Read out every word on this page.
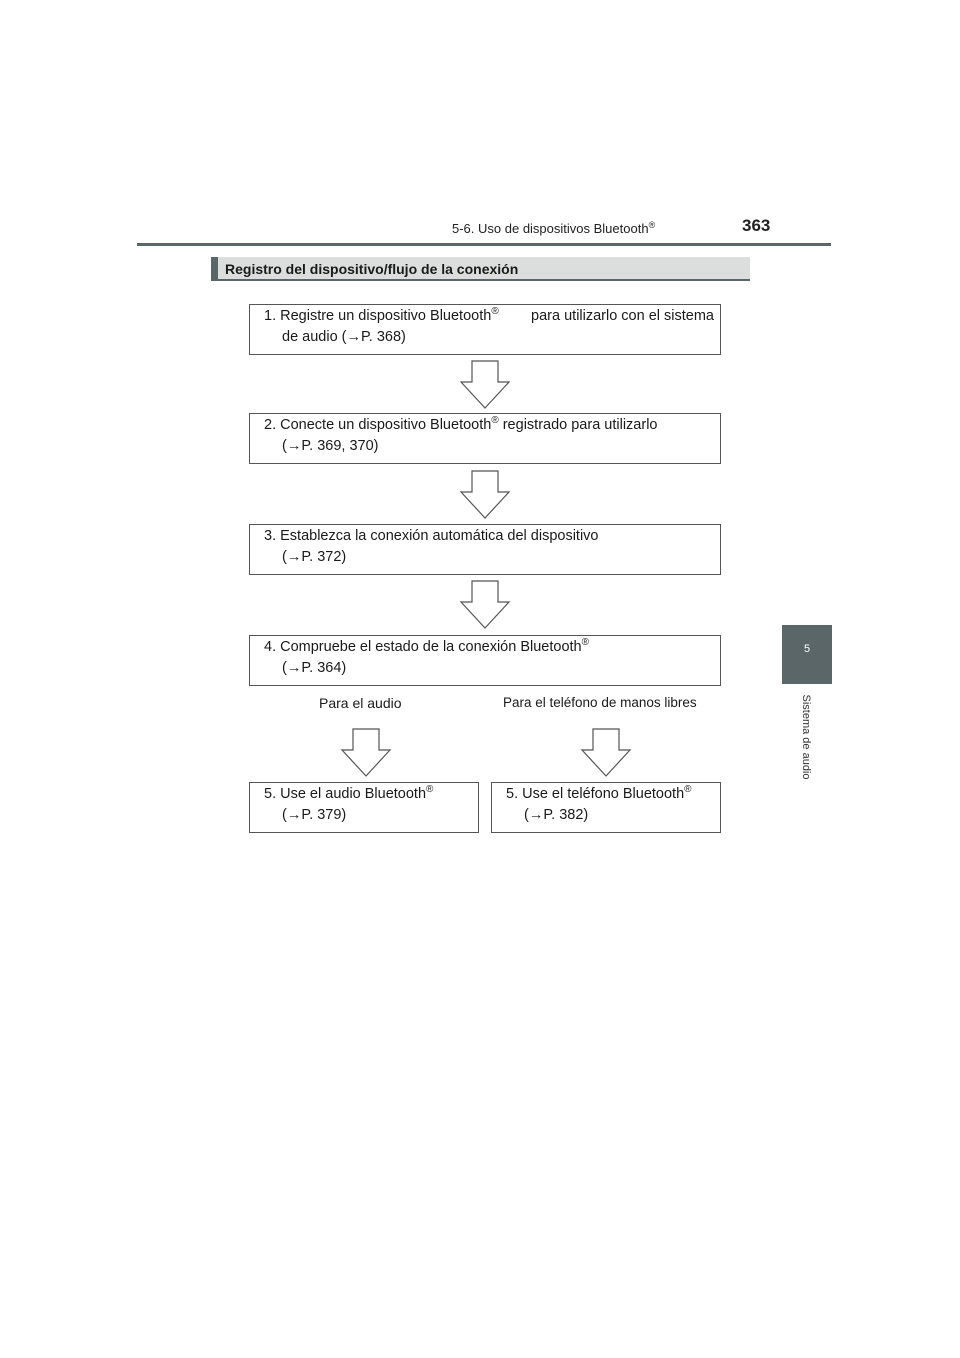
5-6. Uso de dispositivos Bluetooth®	363
5
Sistema de audio
Registro del dispositivo/flujo de la conexión
1. Registre un dispositivo Bluetooth® para utilizarlo con el sistema
de audio (→P. 368)
2. Conecte un dispositivo Bluetooth® registrado para utilizarlo
(→P. 369, 370)
3. Establezca la conexión automática del dispositivo
(→P. 372)
4. Compruebe el estado de la conexión Bluetooth®
(→P. 364)
Para el audio	Para el teléfono de manos libres
5. Use el audio Bluetooth®
(→P. 379)
5. Use el teléfono Bluetooth®
(→P. 382)
